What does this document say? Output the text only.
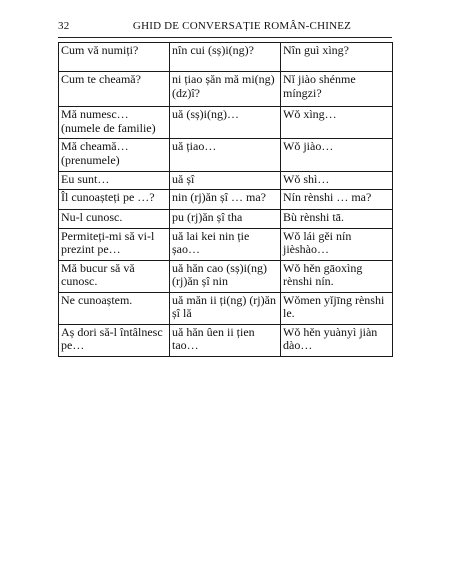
32	GHID DE CONVERSAȚIE ROMÂN-CHINEZ
Cum vă numiți?	nîn cui (sș)i(ng)?	Nîn guì xìng?
Cum te cheamă?	ni țiao șăn mă mi(ng) (dz)î?	Nĭ jiào shénme míngzi?
Mă numesc… (numele de familie)	uă (sș)i(ng)…	Wǒ xìng…
Mă cheamă… (prenumele)	uă țiao…	Wǒ jiào…
Eu sunt…	uă șî	Wǒ shì…
Îl cunoașteți pe …?	nin (rj)ăn șî … ma?	Nín rènshi … ma?
Nu-l cunosc.	pu (rj)ăn șî tha	Bù rènshi tā.
Permiteți-mi să vi-l prezint pe…	uă lai kei nin ție șao…	Wǒ lái gěi nín jièshào…
Mă bucur să vă cunosc.	uă hăn cao (sș)i(ng) (rj)ăn șî nin	Wǒ hěn gāoxìng rènshi nín.
Ne cunoaștem.	uă măn ii ți(ng) (rj)ăn șî lă	Wǒmen yǐjīng rènshi le.
Aș dori să-l întâlnesc pe…	uă hăn ûen ii țien tao…	Wǒ hěn yuànyì jiàn dào…
